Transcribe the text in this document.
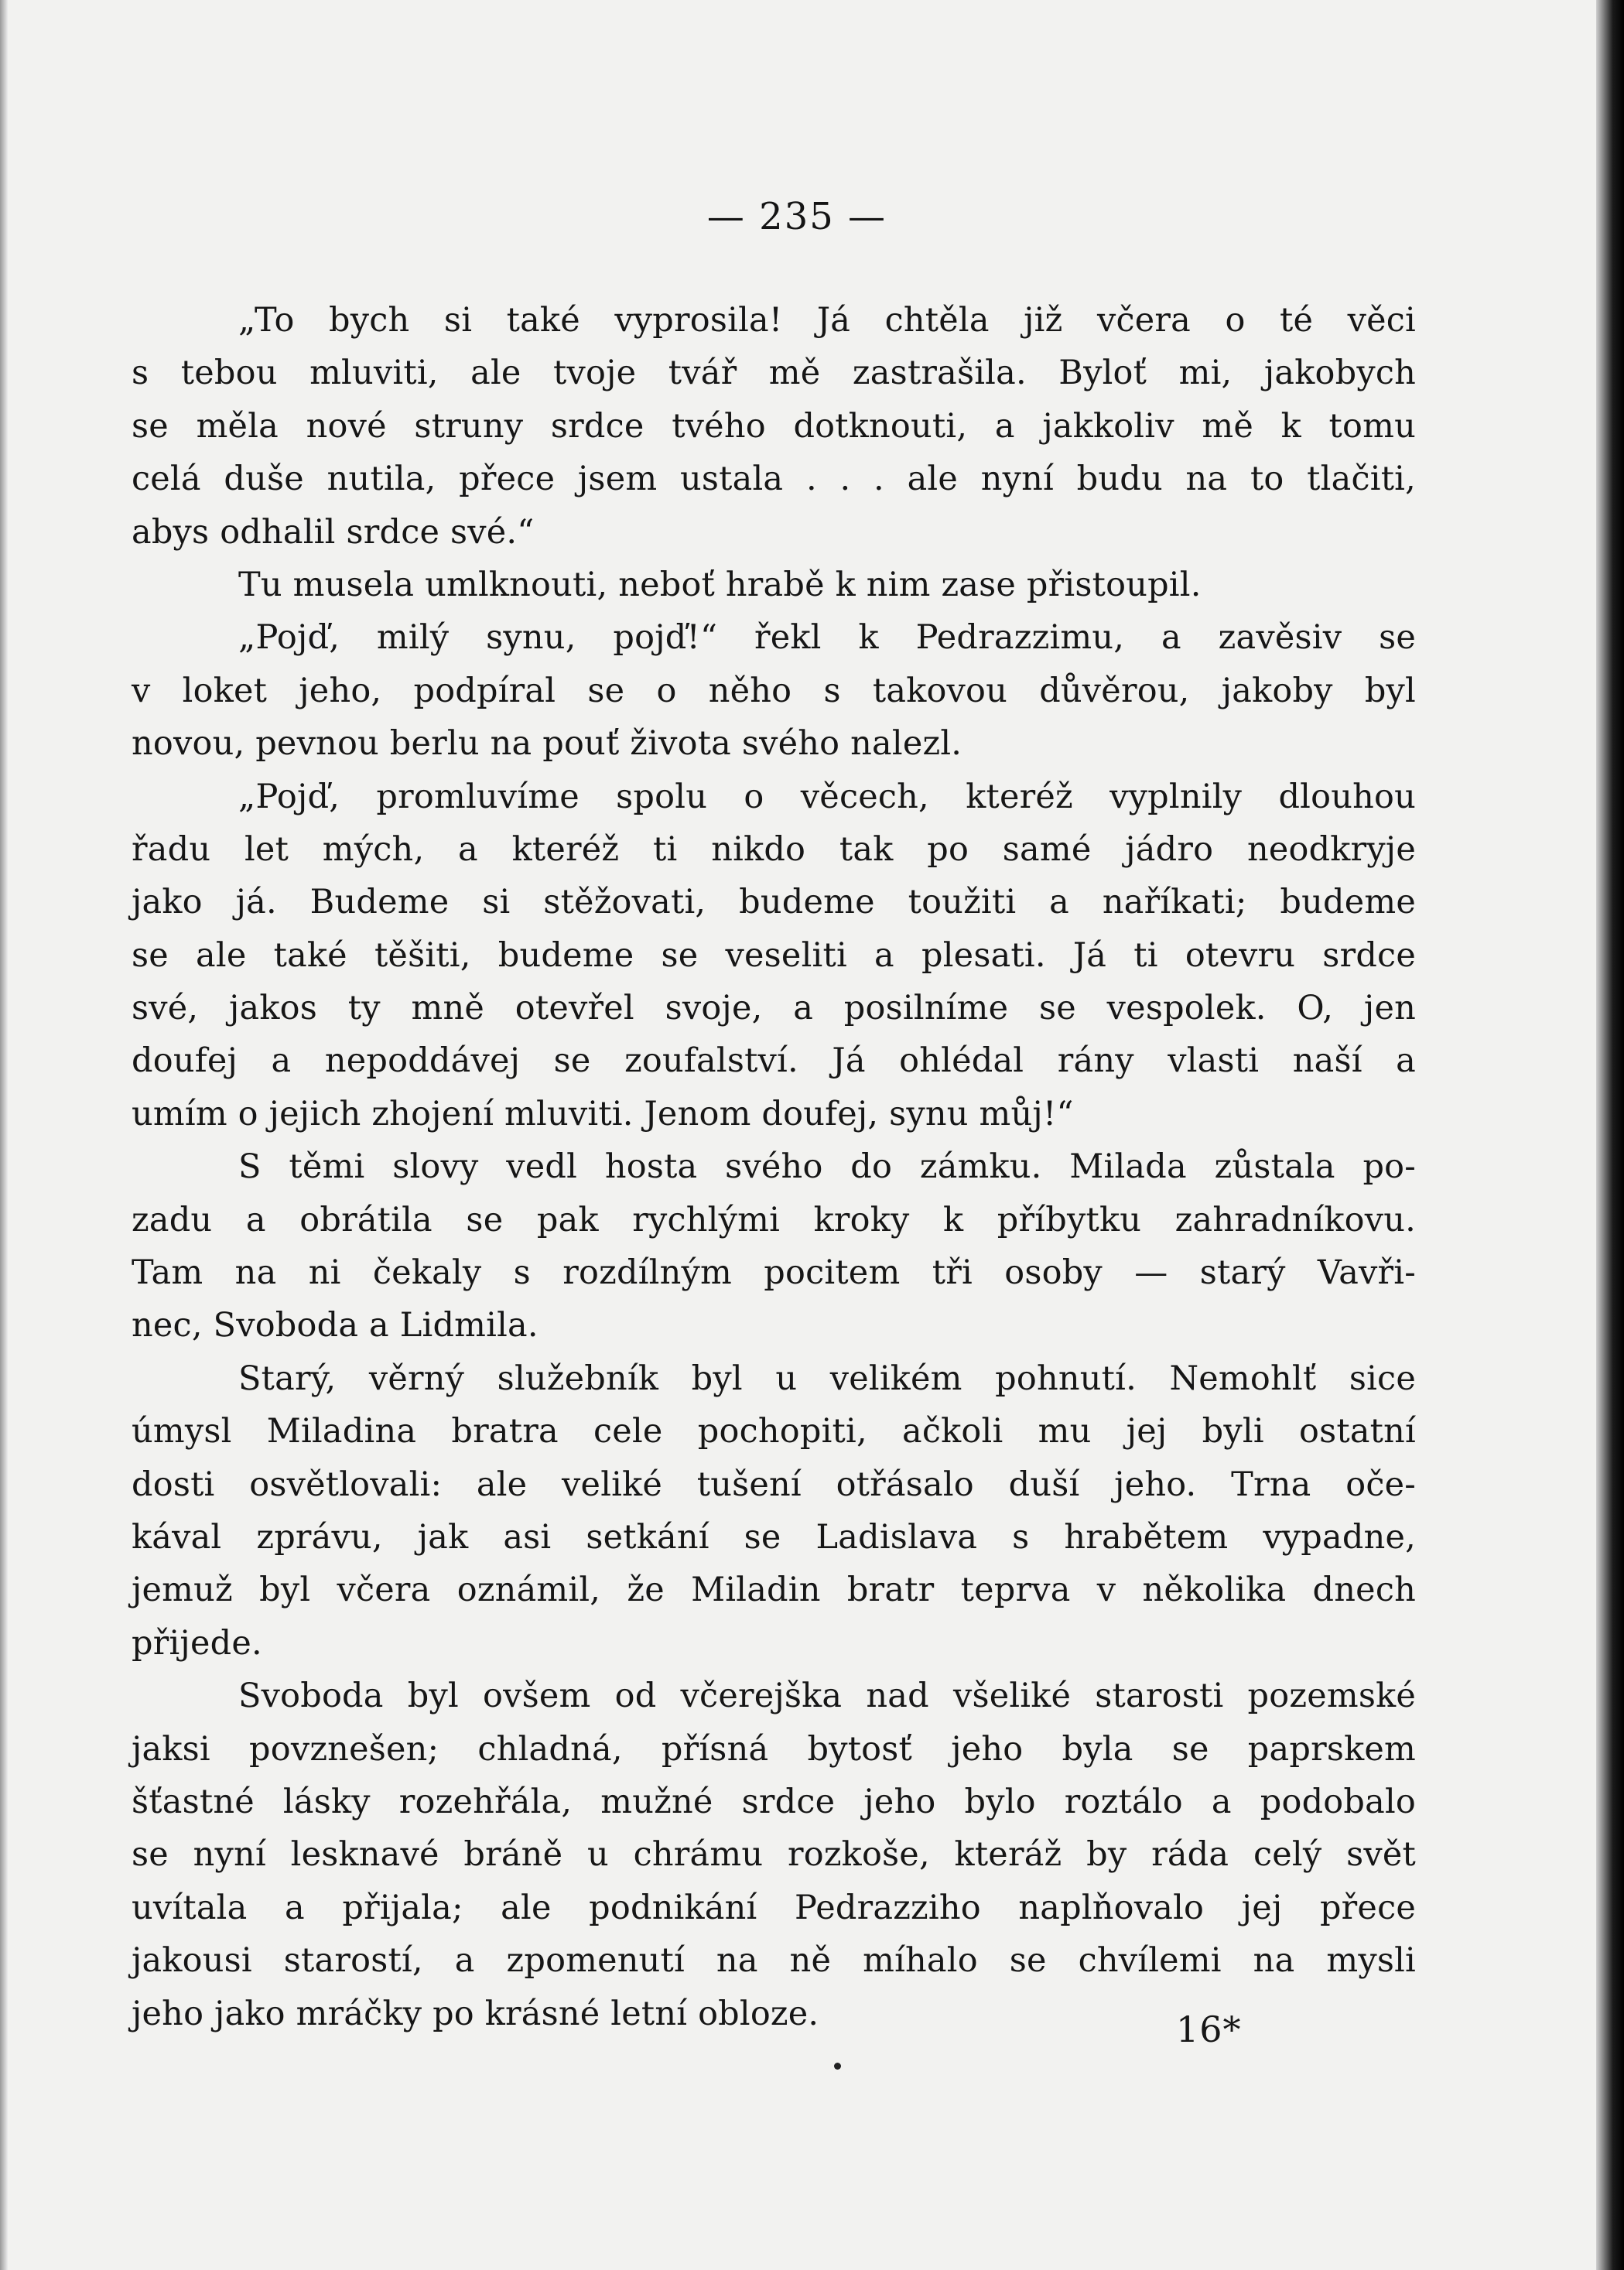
— 235 —
„To bych si také vyprosila! Já chtěla již včera o té věci
s tebou mluviti, ale tvoje tvář mě zastrašila. Byloť mi, jakobych
se měla nové struny srdce tvého dotknouti, a jakkoliv mě k tomu
celá duše nutila, přece jsem ustala . . . ale nyní budu na to tlačiti,
abys odhalil srdce své.“
Tu musela umlknouti, neboť hrabě k nim zase přistoupil.
„Pojď, milý synu, pojď!“ řekl k Pedrazzimu, a zavěsiv se
v loket jeho, podpíral se o něho s takovou důvěrou, jakoby byl
novou, pevnou berlu na pouť života svého nalezl.
„Pojď, promluvíme spolu o věcech, kteréž vyplnily dlouhou
řadu let mých, a kteréž ti nikdo tak po samé jádro neodkryje
jako já. Budeme si stěžovati, budeme toužiti a naříkati; budeme
se ale také těšiti, budeme se veseliti a plesati. Já ti otevru srdce
své, jakos ty mně otevřel svoje, a posilníme se vespolek. O, jen
doufej a nepoddávej se zoufalství. Já ohlédal rány vlasti naší a
umím o jejich zhojení mluviti. Jenom doufej, synu můj!“
S těmi slovy vedl hosta svého do zámku. Milada zůstala po-
zadu a obrátila se pak rychlými kroky k příbytku zahradníkovu.
Tam na ni čekaly s rozdílným pocitem tři osoby — starý Vavři-
nec, Svoboda a Lidmila.
Starý, věrný služebník byl u velikém pohnutí. Nemohlť sice
úmysl Miladina bratra cele pochopiti, ačkoli mu jej byli ostatní
dosti osvětlovali: ale veliké tušení otřásalo duší jeho. Trna oče-
kával zprávu, jak asi setkání se Ladislava s hrabětem vypadne,
jemuž byl včera oznámil, že Miladin bratr teprva v několika dnech
přijede.
Svoboda byl ovšem od včerejška nad všeliké starosti pozemské
jaksi povznešen; chladná, přísná bytosť jeho byla se paprskem
šťastné lásky rozehřála, mužné srdce jeho bylo roztálo a podobalo
se nyní lesknavé bráně u chrámu rozkoše, kteráž by ráda celý svět
uvítala a přijala; ale podnikání Pedrazziho naplňovalo jej přece
jakousi starostí, a zpomenutí na ně míhalo se chvílemi na mysli
jeho jako mráčky po krásné letní obloze.	16*
